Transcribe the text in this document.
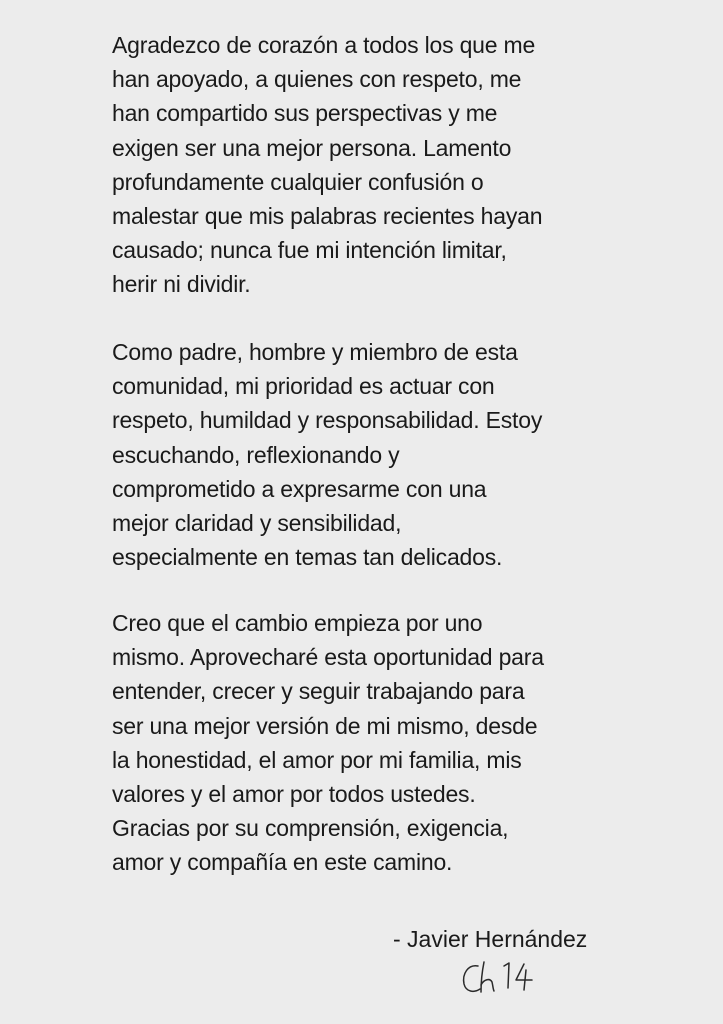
Agradezco de corazón a todos los que me
han apoyado, a quienes con respeto, me
han compartido sus perspectivas y me
exigen ser una mejor persona. Lamento
profundamente cualquier confusión o
malestar que mis palabras recientes hayan
causado; nunca fue mi intención limitar,
herir ni dividir.

Como padre, hombre y miembro de esta
comunidad, mi prioridad es actuar con
respeto, humildad y responsabilidad. Estoy
escuchando, reflexionando y
comprometido a expresarme con una
mejor claridad y sensibilidad,
especialmente en temas tan delicados.

Creo que el cambio empieza por uno
mismo. Aprovecharé esta oportunidad para
entender, crecer y seguir trabajando para
ser una mejor versión de mi mismo, desde
la honestidad, el amor por mi familia, mis
valores y el amor por todos ustedes.
Gracias por su comprensión, exigencia,
amor y compañía en este camino.

- Javier Hernández
